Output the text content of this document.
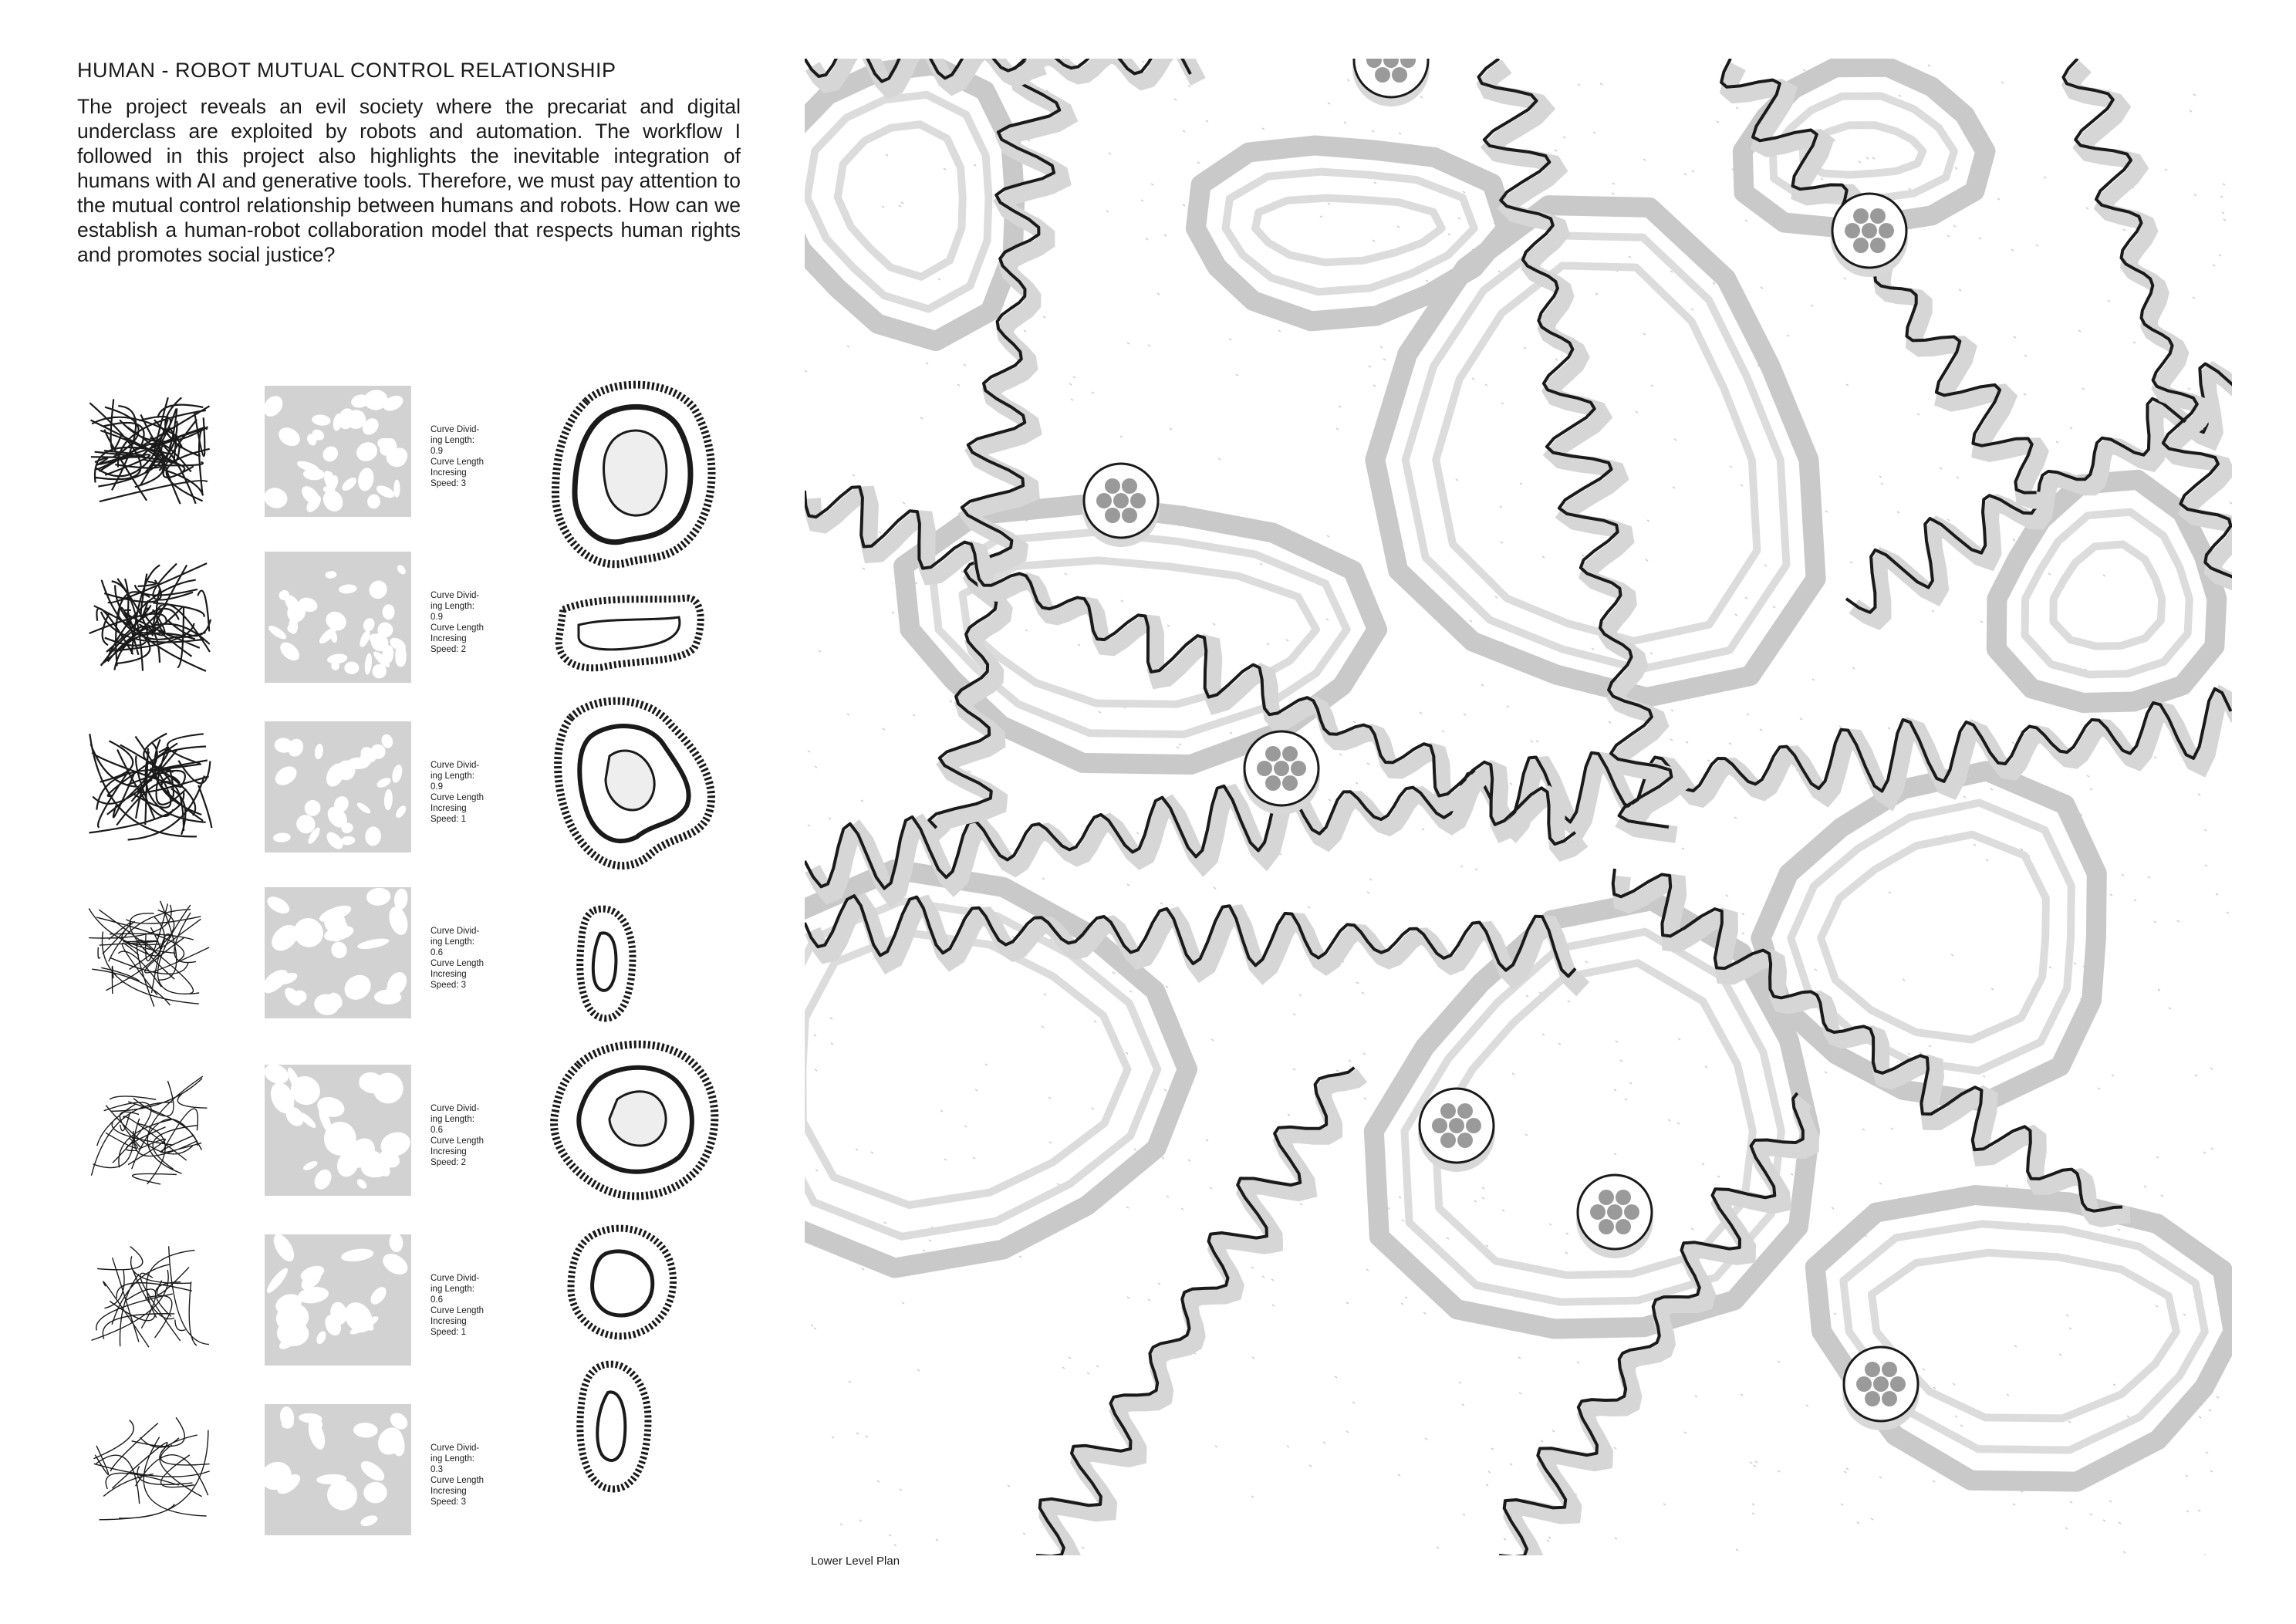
HUMAN - ROBOT MUTUAL CONTROL RELATIONSHIP
The project reveals an evil society where the precariat and digital underclass are exploited by robots and automation. The workflow I followed in this project also highlights the inevitable integration of humans with AI and generative tools. Therefore, we must pay attention to the mutual control relationship between humans and robots. How can we establish a human-robot collaboration model that respects human rights and promotes social justice?
Curve Divid-
ing Length:
0.9
Curve Length
Incresing
Speed: 3
Curve Divid-
ing Length:
0.9
Curve Length
Incresing
Speed: 2
Curve Divid-
ing Length:
0.9
Curve Length
Incresing
Speed: 1
Curve Divid-
ing Length:
0.6
Curve Length
Incresing
Speed: 3
Curve Divid-
ing Length:
0.6
Curve Length
Incresing
Speed: 2
Curve Divid-
ing Length:
0.6
Curve Length
Incresing
Speed: 1
Curve Divid-
ing Length:
0.3
Curve Length
Incresing
Speed: 3
Lower Level Plan
